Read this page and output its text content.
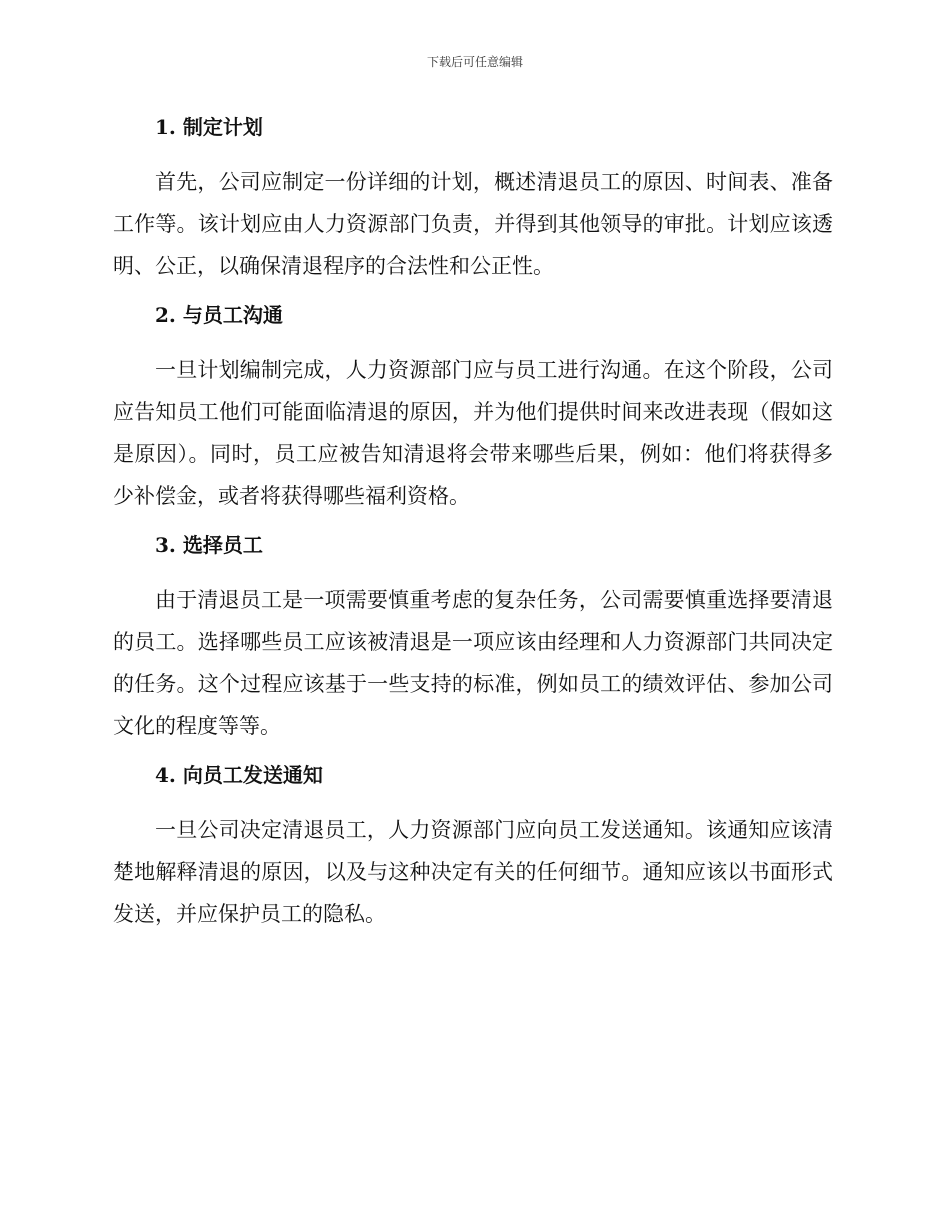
下载后可任意编辑
1. 制定计划

首先，公司应制定一份详细的计划，概述清退员工的原因、时间表、准备工作等。该计划应由人力资源部门负责，并得到其他领导的审批。计划应该透明、公正，以确保清退程序的合法性和公正性。

2. 与员工沟通

一旦计划编制完成，人力资源部门应与员工进行沟通。在这个阶段，公司应告知员工他们可能面临清退的原因，并为他们提供时间来改进表现（假如这是原因）。同时，员工应被告知清退将会带来哪些后果，例如：他们将获得多少补偿金，或者将获得哪些福利资格。

3. 选择员工

由于清退员工是一项需要慎重考虑的复杂任务，公司需要慎重选择要清退的员工。选择哪些员工应该被清退是一项应该由经理和人力资源部门共同决定的任务。这个过程应该基于一些支持的标准，例如员工的绩效评估、参加公司文化的程度等等。

4. 向员工发送通知

一旦公司决定清退员工，人力资源部门应向员工发送通知。该通知应该清楚地解释清退的原因，以及与这种决定有关的任何细节。通知应该以书面形式发送，并应保护员工的隐私。
